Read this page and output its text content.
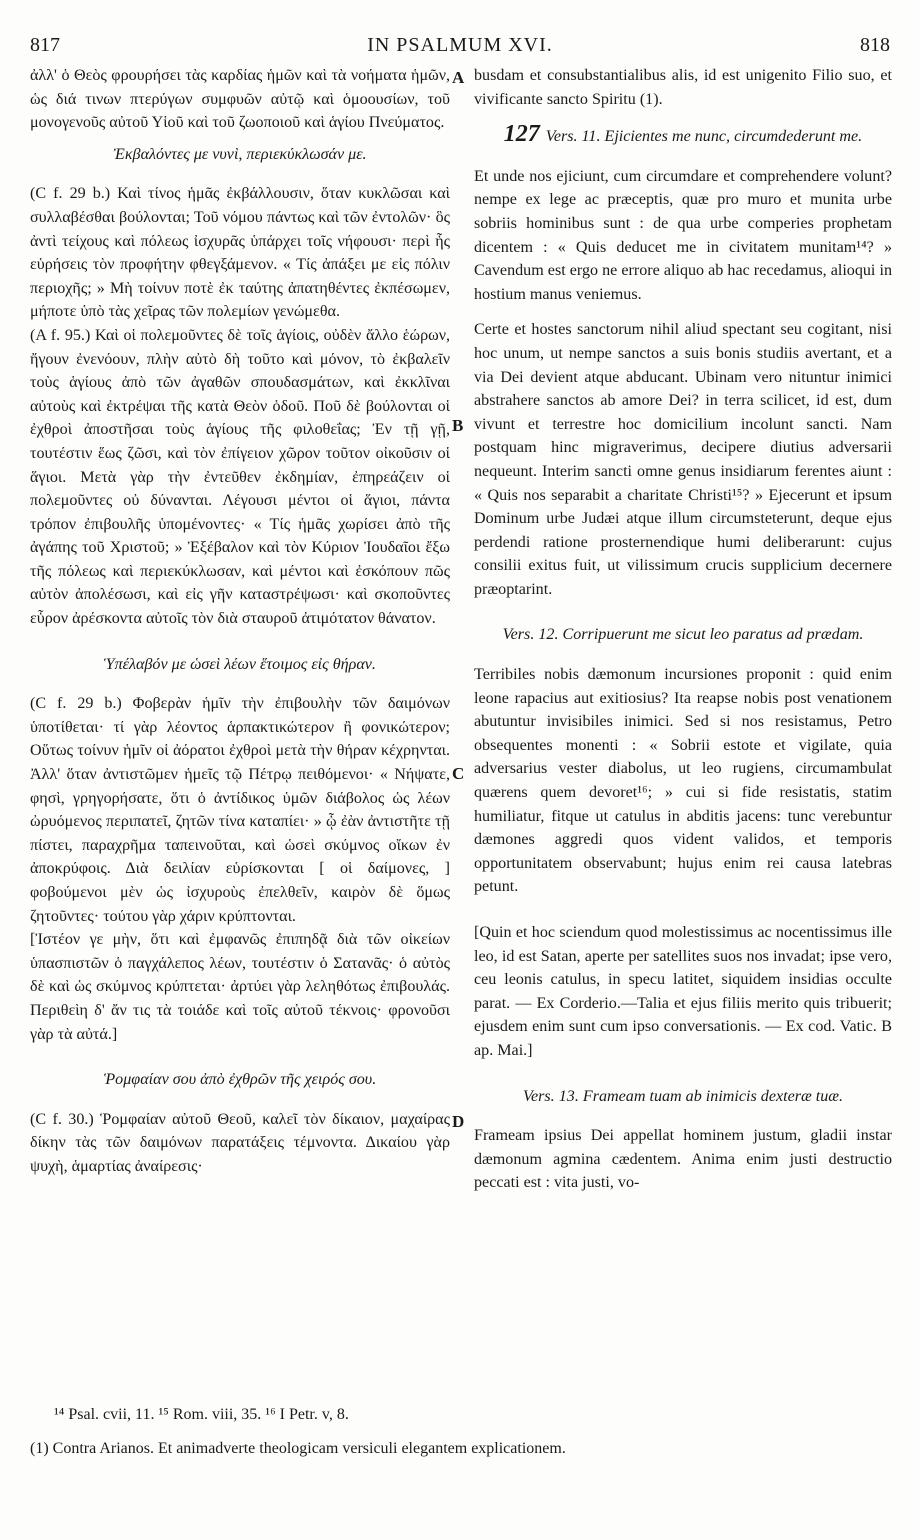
817	IN PSALMUM XVI.	818
A
B
C
D

ἀλλ' ὁ Θεὸς φρουρήσει τὰς καρδίας ἡμῶν καὶ τὰ νοήματα ἡμῶν, ὡς διά τινων πτερύγων συμφυῶν αὐτῷ καὶ ὁμοουσίων, τοῦ μονογενοῦς αὐτοῦ Υἱοῦ καὶ τοῦ ζωοποιοῦ καὶ ἁγίου Πνεύματος.

Ἐκβαλόντες με νυνὶ, περιεκύκλωσάν με.

(C f. 29 b.) Καὶ τίνος ἡμᾶς ἐκβάλλουσιν, ὅταν κυκλῶσαι καὶ συλλαβέσθαι βούλονται; Τοῦ νόμου πάντως καὶ τῶν ἐντολῶν· ὃς ἀντὶ τείχους καὶ πόλεως ἰσχυρᾶς ὑπάρχει τοῖς νήφουσι· περὶ ἧς εὑρήσεις τὸν προφήτην φθεγξάμενον. « Τίς ἀπάξει με εἰς πόλιν περιοχῆς; » Μὴ τοίνυν ποτὲ ἐκ ταύτης ἀπατηθέντες ἐκπέσωμεν, μήποτε ὑπὸ τὰς χεῖρας τῶν πολεμίων γενώμεθα.

(A f. 95.) Καὶ οἱ πολεμοῦντες δὲ τοῖς ἁγίοις, οὐδὲν ἄλλο ἑώρων, ἤγουν ἐνενόουν, πλὴν αὐτὸ δὴ τοῦτο καὶ μόνον, τὸ ἐκβαλεῖν τοὺς ἁγίους ἀπὸ τῶν ἀγαθῶν σπουδασμάτων, καὶ ἐκκλῖναι αὐτοὺς καὶ ἐκτρέψαι τῆς κατὰ Θεὸν ὁδοῦ. Ποῦ δὲ βούλονται οἱ ἐχθροὶ ἀποστῆσαι τοὺς ἁγίους τῆς φιλοθεΐας; Ἐν τῇ γῇ, τουτέστιν ἕως ζῶσι, καὶ τὸν ἐπίγειον χῶρον τοῦτον οἰκοῦσιν οἱ ἅγιοι. Μετὰ γὰρ τὴν ἐντεῦθεν ἐκδημίαν, ἐπηρεάζειν οἱ πολεμοῦντες οὐ δύνανται. Λέγουσι μέντοι οἱ ἅγιοι, πάντα τρόπον ἐπιβουλῆς ὑπομένοντες· « Τίς ἡμᾶς χωρίσει ἀπὸ τῆς ἀγάπης τοῦ Χριστοῦ; » Ἐξέβαλον καὶ τὸν Κύριον Ἰουδαῖοι ἔξω τῆς πόλεως καὶ περιεκύκλωσαν, καὶ μέντοι καὶ ἐσκόπουν πῶς αὐτὸν ἀπολέσωσι, καὶ εἰς γῆν καταστρέψωσι· καὶ σκοποῦντες εὗρον ἀρέσκοντα αὐτοῖς τὸν διὰ σταυροῦ ἀτιμότατον θάνατον.

Ὑπέλαβόν με ὡσεὶ λέων ἕτοιμος εἰς θήραν.

(C f. 29 b.) Φοβερὰν ἡμῖν τὴν ἐπιβουλὴν τῶν δαιμόνων ὑποτίθεται· τί γὰρ λέοντος ἁρπακτικώτερον ἢ φονικώτερον; Οὕτως τοίνυν ἡμῖν οἱ ἀόρατοι ἐχθροὶ μετὰ τὴν θήραν κέχρηνται. Ἀλλ' ὅταν ἀντιστῶμεν ἡμεῖς τῷ Πέτρῳ πειθόμενοι· « Νήψατε, φησὶ, γρηγορήσατε, ὅτι ὁ ἀντίδικος ὑμῶν διάβολος ὡς λέων ὠρυόμενος περιπατεῖ, ζητῶν τίνα καταπίει· » ᾧ ἐὰν ἀντιστῆτε τῇ πίστει, παραχρῆμα ταπεινοῦται, καὶ ὡσεὶ σκύμνος οἴκων ἐν ἀποκρύφοις. Διὰ δειλίαν εὑρίσκονται [ οἱ δαίμονες, ] φοβούμενοι μὲν ὡς ἰσχυροὺς ἐπελθεῖν, καιρὸν δὲ ὅμως ζητοῦντες· τούτου γὰρ χάριν κρύπτονται.

[Ἰστέον γε μὴν, ὅτι καὶ ἐμφανῶς ἐπιπηδᾷ διὰ τῶν οἰκείων ὑπασπιστῶν ὁ παγχάλεπος λέων, τουτέστιν ὁ Σατανᾶς· ὁ αὐτὸς δὲ καὶ ὡς σκύμνος κρύπτεται· ἀρτύει γὰρ λεληθότως ἐπιβουλάς. Περιθεὶη δ' ἄν τις τὰ τοιάδε καὶ τοῖς αὐτοῦ τέκνοις· φρονοῦσι γὰρ τὰ αὐτά.]

Ῥομφαίαν σου ἀπὸ ἐχθρῶν τῆς χειρός σου.

(C f. 30.) Ῥομφαίαν αὐτοῦ Θεοῦ, καλεῖ τὸν δίκαιον, μαχαίρας δίκην τὰς τῶν δαιμόνων παρατάξεις τέμνοντα. Δικαίου γὰρ ψυχὴ, ἁμαρτίας ἀναίρεσις·

busdam et consubstantialibus alis, id est unigenito Filio suo, et vivificante sancto Spiritu (1).

127 Vers. 11. Ejicientes me nunc, circumdederunt me.

Et unde nos ejiciunt, cum circumdare et comprehendere volunt? nempe ex lege ac præceptis, quæ pro muro et munita urbe sobriis hominibus sunt : de qua urbe comperies prophetam dicentem : « Quis deducet me in civitatem munitam¹⁴? » Cavendum est ergo ne errore aliquo ab hac recedamus, alioqui in hostium manus veniemus.

Certe et hostes sanctorum nihil aliud spectant seu cogitant, nisi hoc unum, ut nempe sanctos a suis bonis studiis avertant, et a via Dei devient atque abducant. Ubinam vero nituntur inimici abstrahere sanctos ab amore Dei? in terra scilicet, id est, dum vivunt et terrestre hoc domicilium incolunt sancti. Nam postquam hinc migraverimus, decipere diutius adversarii nequeunt. Interim sancti omne genus insidiarum ferentes aiunt : « Quis nos separabit a charitate Christi¹⁵? » Ejecerunt et ipsum Dominum urbe Judæi atque illum circumsteterunt, deque ejus perdendi ratione prosternendique humi deliberarunt: cujus consilii exitus fuit, ut vilissimum crucis supplicium decernere præoptarint.

Vers. 12. Corripuerunt me sicut leo paratus ad prædam.

Terribiles nobis dæmonum incursiones proponit : quid enim leone rapacius aut exitiosius? Ita reapse nobis post venationem abutuntur invisibiles inimici. Sed si nos resistamus, Petro obsequentes monenti : « Sobrii estote et vigilate, quia adversarius vester diabolus, ut leo rugiens, circumambulat quærens quem devoret¹⁶; » cui si fide resistatis, statim humiliatur, fitque ut catulus in abditis jacens: tunc verebuntur dæmones aggredi quos vident validos, et temporis opportunitatem observabunt; hujus enim rei causa latebras petunt.

[Quin et hoc sciendum quod molestissimus ac nocentissimus ille leo, id est Satan, aperte per satellites suos nos invadat; ipse vero, ceu leonis catulus, in specu latitet, siquidem insidias occulte parat. — Ex Corderio.—Talia et ejus filiis merito quis tribuerit; ejusdem enim sunt cum ipso conversationis. — Ex cod. Vatic. B ap. Mai.]

Vers. 13. Frameam tuam ab inimicis dexteræ tuæ.

Frameam ipsius Dei appellat hominem justum, gladii instar dæmonum agmina cædentem. Anima enim justi destructio peccati est : vita justi, vo-

¹⁴ Psal. cvii, 11. ¹⁵ Rom. viii, 35. ¹⁶ I Petr. v, 8.
(1) Contra Arianos. Et animadverte theologicam versiculi elegantem explicationem.
